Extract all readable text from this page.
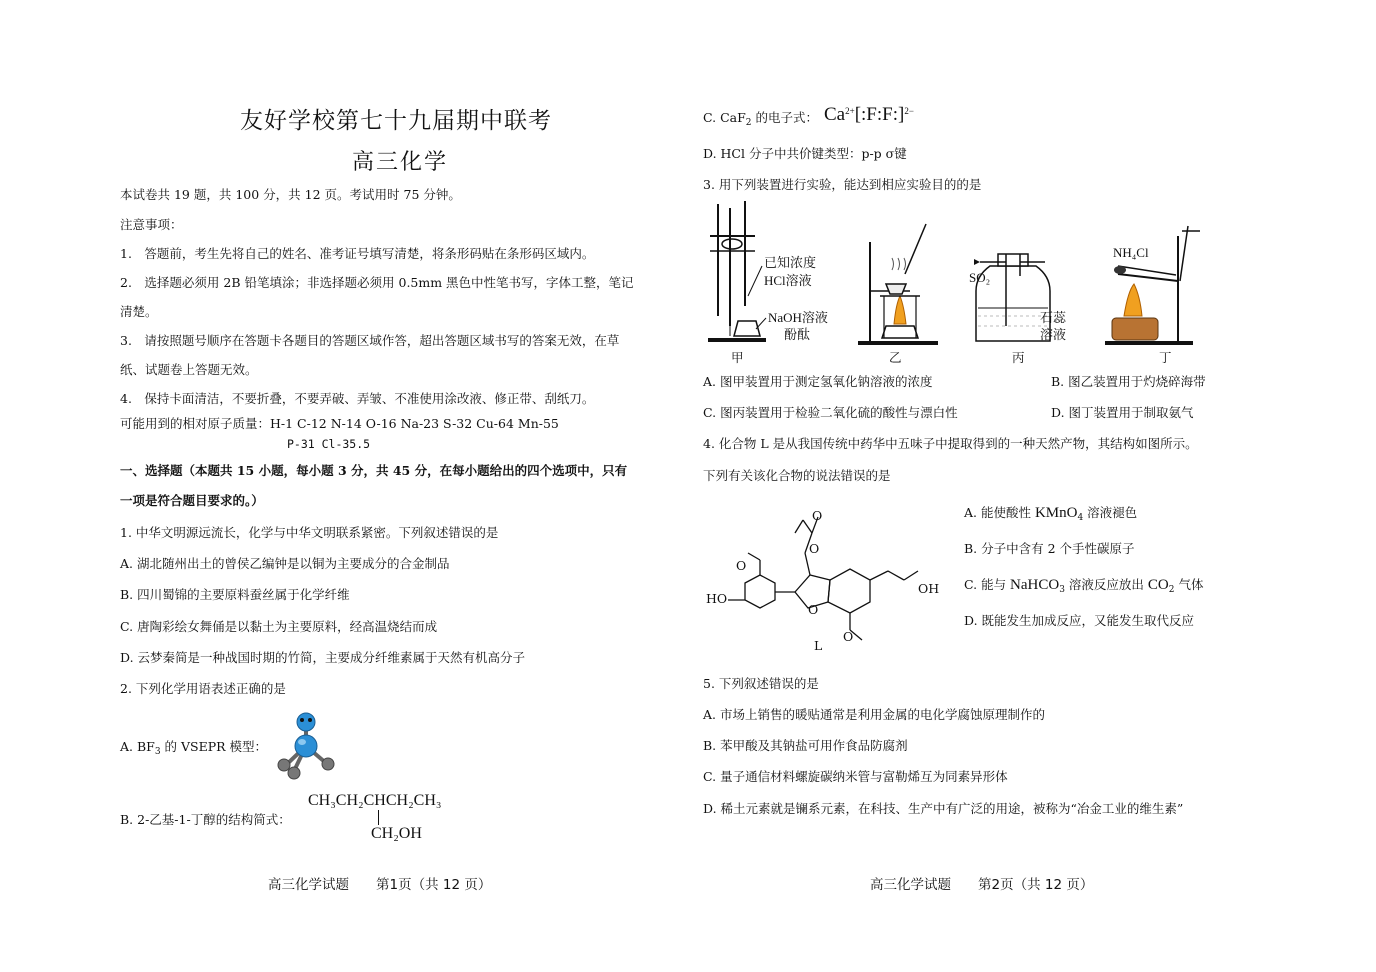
友好学校第七十九届期中联考
高三化学
本试卷共 19 题，共 100 分，共 12 页。考试用时 75 分钟。
注意事项：
1.　答题前，考生先将自己的姓名、准考证号填写清楚，将条形码贴在条形码区域内。
2.　选择题必须用 2B 铅笔填涂；非选择题必须用 0.5mm 黑色中性笔书写，字体工整，笔记
清楚。
3.　请按照题号顺序在答题卡各题目的答题区域作答，超出答题区域书写的答案无效，在草
纸、试题卷上答题无效。
4.　保持卡面清洁，不要折叠，不要弄破、弄皱、不准使用涂改液、修正带、刮纸刀。
可能用到的相对原子质量：H-1 C-12 N-14 O-16 Na-23 S-32 Cu-64 Mn-55
P-31 Cl-35.5
一、选择题（本题共 15 小题，每小题 3 分，共 45 分，在每小题给出的四个选项中，只有
一项是符合题目要求的。）
1. 中华文明源远流长，化学与中华文明联系紧密。下列叙述错误的是
A. 湖北随州出土的曾侯乙编钟是以铜为主要成分的合金制品
B. 四川蜀锦的主要原料蚕丝属于化学纤维
C. 唐陶彩绘女舞俑是以黏土为主要原料，经高温烧结而成
D. 云梦秦简是一种战国时期的竹简，主要成分纤维素属于天然有机高分子
2. 下列化学用语表述正确的是
A. $BF_3$ 的 VSEPR 模型：
B. 2-乙基-1-丁醇的结构简式：
CH₃CH₂CHCH₂CH₃
CH₂OH
高三化学试题　　第1页（共 12 页）
C. CaF$_2$ 的电子式： $Ca^{2+}[:F:F:]^{2-}$
D. HCl 分子中共价键类型：p-p σ键
3. 用下列装置进行实验，能达到相应实验目的的是
已知浓度
HCl溶液
NaOH溶液
酚酞
SO₂
石蕊
溶液
NH₄Cl
甲	乙	丙	丁
A. 图甲装置用于测定氢氧化钠溶液的浓度	B. 图乙装置用于灼烧碎海带
C. 图丙装置用于检验二氧化硫的酸性与漂白性	D. 图丁装置用于制取氨气
4. 化合物 L 是从我国传统中药华中五味子中提取得到的一种天然产物，其结构如图所示。
下列有关该化合物的说法错误的是
HO
OH
L
O
O
O
O
O
A. 能使酸性 KMnO$_4$ 溶液褪色
B. 分子中含有 2 个手性碳原子
C. 能与 NaHCO$_3$ 溶液反应放出 $CO_2$ 气体
D. 既能发生加成反应，又能发生取代反应
5. 下列叙述错误的是
A. 市场上销售的暖贴通常是利用金属的电化学腐蚀原理制作的
B. 苯甲酸及其钠盐可用作食品防腐剂
C. 量子通信材料螺旋碳纳米管与富勒烯互为同素异形体
D. 稀土元素就是镧系元素，在科技、生产中有广泛的用途，被称为“冶金工业的维生素”
高三化学试题　　第2页（共 12 页）
